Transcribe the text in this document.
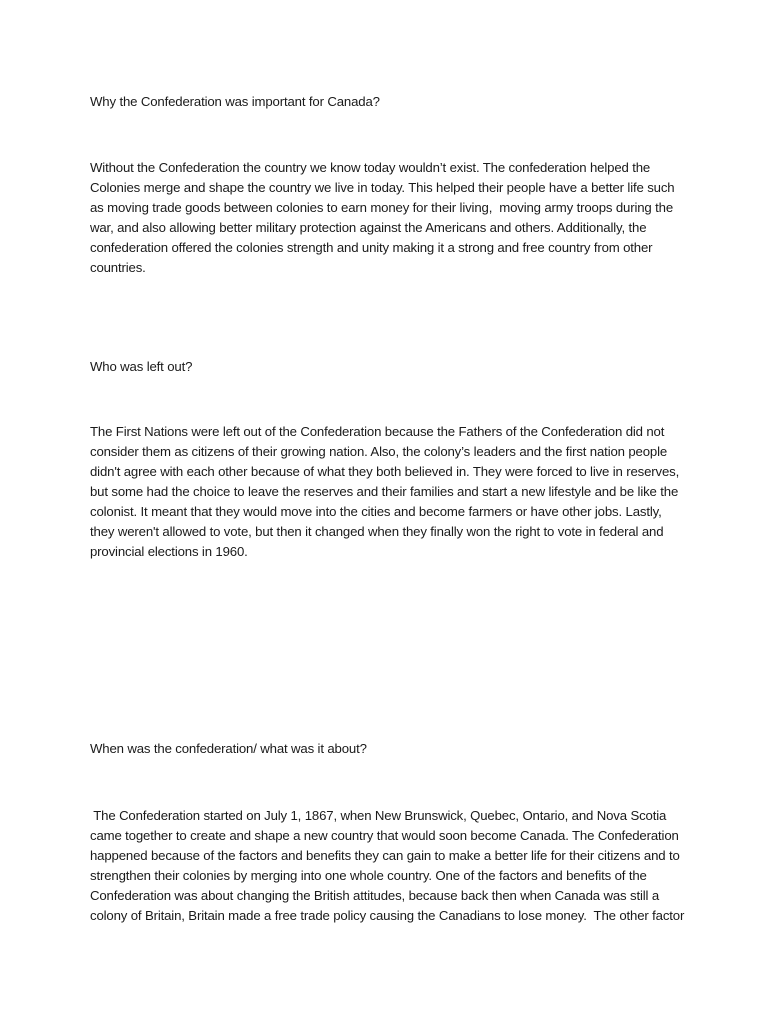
Why the Confederation was important for Canada?

Without the Confederation the country we know today wouldn’t exist. The confederation helped the
Colonies merge and shape the country we live in today. This helped their people have a better life such
as moving trade goods between colonies to earn money for their living,  moving army troops during the
war, and also allowing better military protection against the Americans and others. Additionally, the
confederation offered the colonies strength and unity making it a strong and free country from other
countries.

Who was left out?

The First Nations were left out of the Confederation because the Fathers of the Confederation did not
consider them as citizens of their growing nation. Also, the colony’s leaders and the first nation people
didn't agree with each other because of what they both believed in. They were forced to live in reserves,
but some had the choice to leave the reserves and their families and start a new lifestyle and be like the
colonist. It meant that they would move into the cities and become farmers or have other jobs. Lastly,
they weren't allowed to vote, but then it changed when they finally won the right to vote in federal and
provincial elections in 1960.

When was the confederation/ what was it about?

The Confederation started on July 1, 1867, when New Brunswick, Quebec, Ontario, and Nova Scotia
came together to create and shape a new country that would soon become Canada. The Confederation
happened because of the factors and benefits they can gain to make a better life for their citizens and to
strengthen their colonies by merging into one whole country. One of the factors and benefits of the
Confederation was about changing the British attitudes, because back then when Canada was still a
colony of Britain, Britain made a free trade policy causing the Canadians to lose money.  The other factor
